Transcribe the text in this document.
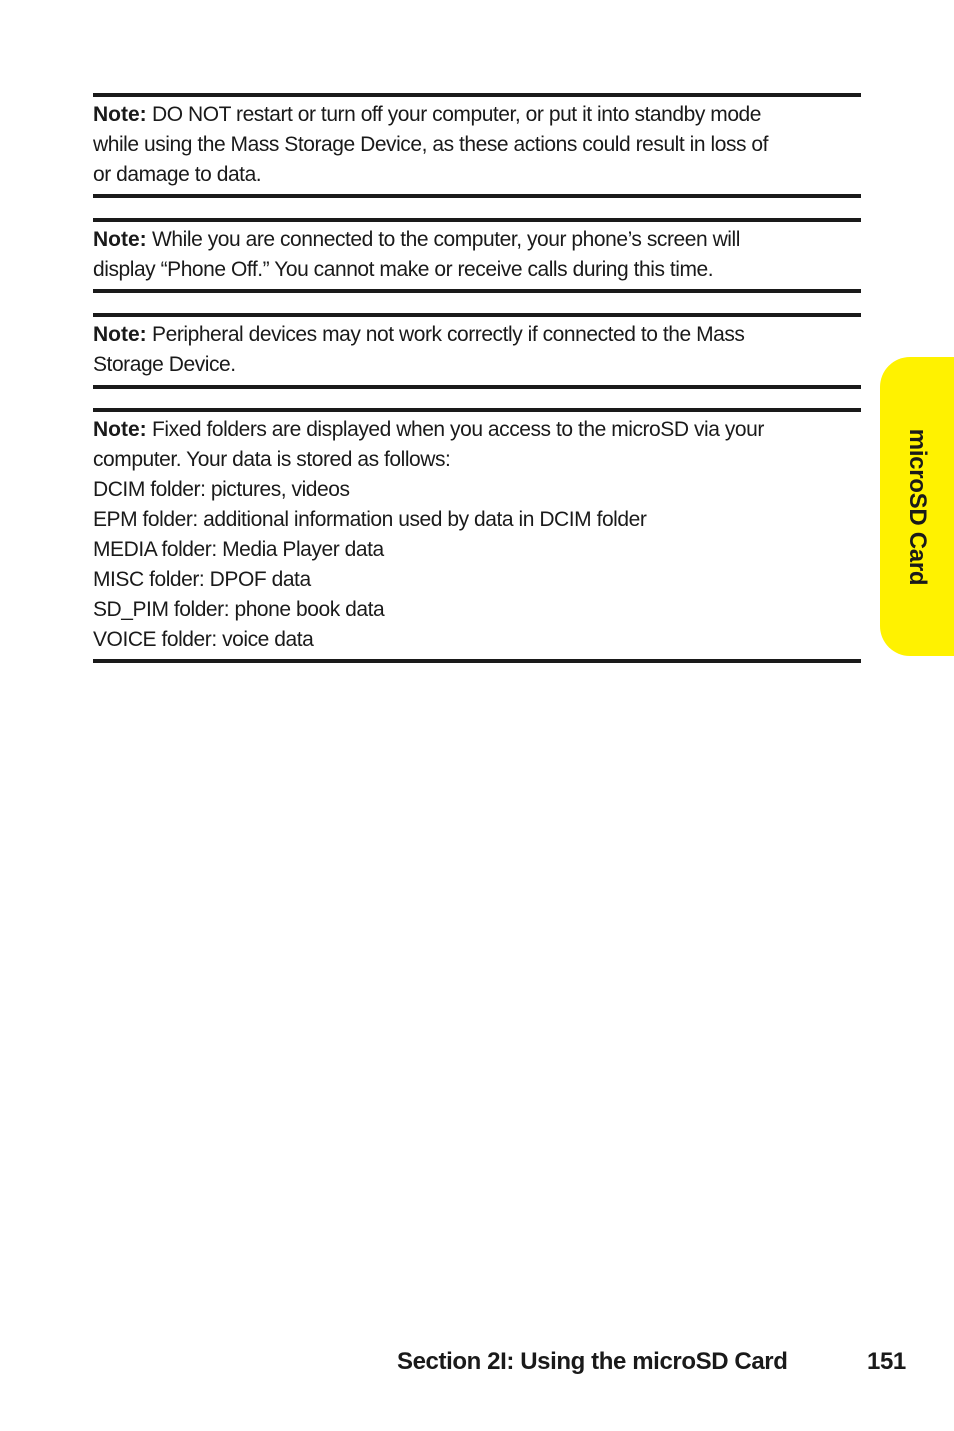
Note: DO NOT restart or turn off your computer, or put it into standby mode
while using the Mass Storage Device, as these actions could result in loss of
or damage to data.
Note: While you are connected to the computer, your phone’s screen will
display “Phone Off.” You cannot make or receive calls during this time.
Note: Peripheral devices may not work correctly if connected to the Mass
Storage Device.
Note: Fixed folders are displayed when you access to the microSD via your
computer. Your data is stored as follows:
DCIM folder: pictures, videos
EPM folder: additional information used by data in DCIM folder
MEDIA folder: Media Player data
MISC folder: DPOF data
SD_PIM folder: phone book data
VOICE folder: voice data
microSD Card
Section 2I: Using the microSD Card	151
